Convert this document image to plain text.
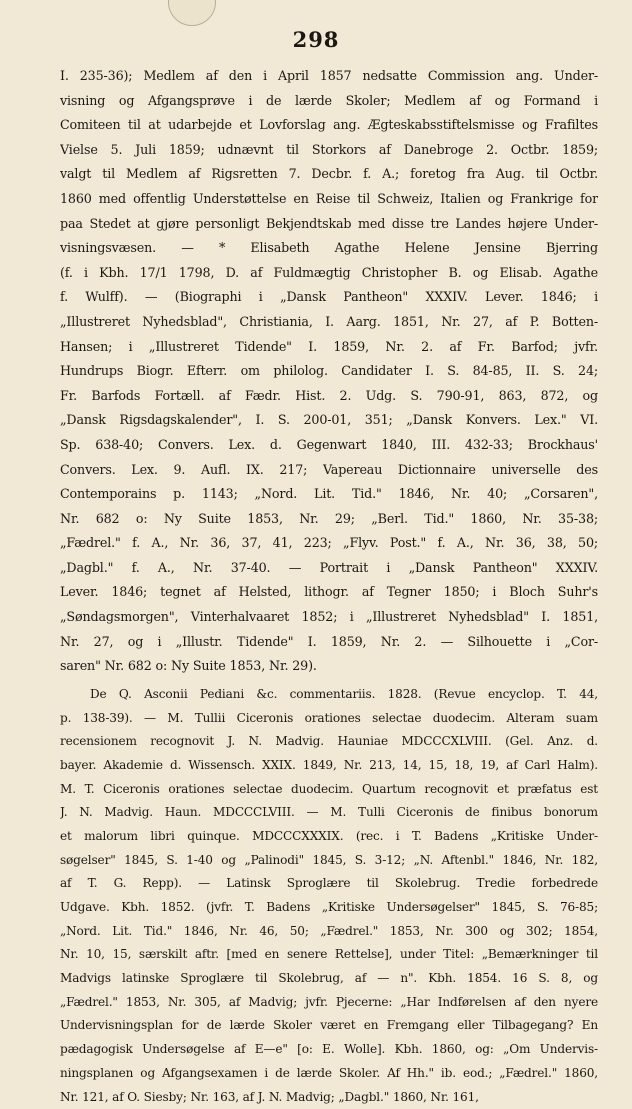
298
I. 235-36); Medlem af den i April 1857 nedsatte Commission ang. Under-
visning og Afgangsprøve i de lærde Skoler; Medlem af og Formand i
Comiteen til at udarbejde et Lovforslag ang. Ægteskabsstiftelsmisse og Frafiltes
Vielse 5. Juli 1859; udnævnt til Storkors af Danebroge 2. Octbr. 1859;
valgt til Medlem af Rigsretten 7. Decbr. f. A.; foretog fra Aug. til Octbr.
1860 med offentlig Understøttelse en Reise til Schweiz, Italien og Frankrige for
paa Stedet at gjøre personligt Bekjendtskab med disse tre Landes højere Under-
visningsvæsen. — * Elisabeth Agathe Helene Jensine Bjerring
(f. i Kbh. 17/1 1798, D. af Fuldmægtig Christopher B. og Elisab. Agathe
f. Wulff). — (Biographi i „Dansk Pantheon" XXXIV. Lever. 1846; i
„Illustreret Nyhedsblad", Christiania, I. Aarg. 1851, Nr. 27, af P. Botten-
Hansen; i „Illustreret Tidende" I. 1859, Nr. 2. af Fr. Barfod; jvfr.
Hundrups Biogr. Efterr. om philolog. Candidater I. S. 84-85, II. S. 24;
Fr. Barfods Fortæll. af Fædr. Hist. 2. Udg. S. 790-91, 863, 872, og
„Dansk Rigsdagskalender", I. S. 200-01, 351; „Dansk Konvers. Lex." VI.
Sp. 638-40; Convers. Lex. d. Gegenwart 1840, III. 432-33; Brockhaus'
Convers. Lex. 9. Aufl. IX. 217; Vapereau Dictionnaire universelle des
Contemporains p. 1143; „Nord. Lit. Tid." 1846, Nr. 40; „Corsaren",
Nr. 682 o: Ny Suite 1853, Nr. 29; „Berl. Tid." 1860, Nr. 35-38;
„Fædrel." f. A., Nr. 36, 37, 41, 223; „Flyv. Post." f. A., Nr. 36, 38, 50;
„Dagbl." f. A., Nr. 37-40. — Portrait i „Dansk Pantheon" XXXIV.
Lever. 1846; tegnet af Helsted, lithogr. af Tegner 1850; i Bloch Suhr's
„Søndagsmorgen", Vinterhalvaaret 1852; i „Illustreret Nyhedsblad" I. 1851,
Nr. 27, og i „Illustr. Tidende" I. 1859, Nr. 2. — Silhouette i „Cor-
saren" Nr. 682 o: Ny Suite 1853, Nr. 29).
De Q. Asconii Pediani &c. commentariis. 1828. (Revue encyclop. T. 44,
p. 138-39). — M. Tullii Ciceronis orationes selectae duodecim. Alteram suam
recensionem recognovit J. N. Madvig. Hauniae MDCCCXLVIII. (Gel. Anz. d.
bayer. Akademie d. Wissensch. XXIX. 1849, Nr. 213, 14, 15, 18, 19, af Carl Halm).
M. T. Ciceronis orationes selectae duodecim. Quartum recognovit et præfatus est
J. N. Madvig. Haun. MDCCCLVIII. — M. Tulli Ciceronis de finibus bonorum
et malorum libri quinque. MDCCCXXXIX. (rec. i T. Badens „Kritiske Under-
søgelser" 1845, S. 1-40 og „Palinodi" 1845, S. 3-12; „N. Aftenbl." 1846, Nr. 182,
af T. G. Repp). — Latinsk Sproglære til Skolebrug. Tredie forbedrede
Udgave. Kbh. 1852. (jvfr. T. Badens „Kritiske Undersøgelser" 1845, S. 76-85;
„Nord. Lit. Tid." 1846, Nr. 46, 50; „Fædrel." 1853, Nr. 300 og 302; 1854,
Nr. 10, 15, særskilt aftr. [med en senere Rettelse], under Titel: „Bemærkninger til
Madvigs latinske Sproglære til Skolebrug, af — n". Kbh. 1854. 16 S. 8, og
„Fædrel." 1853, Nr. 305, af Madvig; jvfr. Pjecerne: „Har Indførelsen af den nyere
Undervisningsplan for de lærde Skoler været en Fremgang eller Tilbagegang? En
pædagogisk Undersøgelse af E—e" [o: E. Wolle]. Kbh. 1860, og: „Om Undervis-
ningsplanen og Afgangsexamen i de lærde Skoler. Af Hh." ib. eod.; „Fædrel." 1860,
Nr. 121, af O. Siesby; Nr. 163, af J. N. Madvig; „Dagbl." 1860, Nr. 161,
